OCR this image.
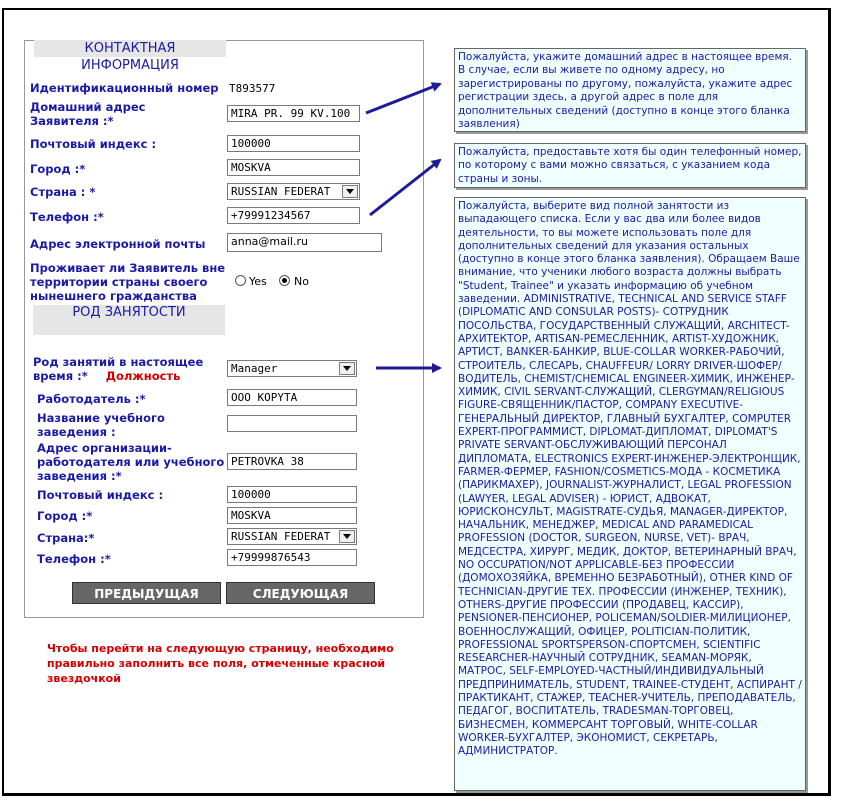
КОНТАКТНАЯ ИНФОРМАЦИЯ
Идентификационный номер T893577
Домашний адрес
Заявителя :*
MIRA PR. 99 KV.100
Почтовый индекс :	100000
Город :*	MOSKVA
Страна : *	RUSSIAN FEDERAT
Телефон :*	+79991234567
Адрес электронной почты	anna@mail.ru
Проживает ли Заявитель вне
территории страны своего
нынешнего гражданства
Yes No
РОД ЗАНЯТОСТИ
Род занятий в настоящее
время :* Должность
Manager
Работодатель :*	ООО KOPYTA
Название учебного
заведения :
Адрес организации-
работодателя или учебного
заведения :*
PETROVKA 38
Почтовый индекс :	100000
Город :*	MOSKVA
Страна:*	RUSSIAN FEDERAT
Телефон :*	+79999876543
ПРЕДЫДУЩАЯ	СЛЕДУЮЩАЯ
Чтобы перейти на следующую страницу, необходимо правильно заполнить все поля, отмеченные красной звездочкой
Пожалуйста, укажите домашний адрес в настоящее время. В случае, если вы живете по одному адресу, но зарегистрированы по другому, пожалуйста, укажите адрес регистрации здесь, а другой адрес в поле для дополнительных сведений (доступно в конце этого бланка заявления)
Пожалуйста, предоставьте хотя бы один телефонный номер, по которому с вами можно связаться, с указанием кода страны и зоны.
Пожалуйста, выберите вид полной занятости из выпадающего списка. Если у вас два или более видов деятельности, то вы можете использовать поле для дополнительных сведений для указания остальных (доступно в конце этого бланка заявления). Обращаем Ваше внимание, что ученики любого возраста должны выбрать "Student, Trainee" и указать информацию об учебном заведении. ADMINISTRATIVE, TECHNICAL AND SERVICE STAFF (DIPLOMATIC AND CONSULAR POSTS)- СОТРУДНИК ПОСОЛЬСТВА, ГОСУДАРСТВЕННЫЙ СЛУЖАЩИЙ, ARCHITECT-АРХИТЕКТОР, ARTISAN-РЕМЕСЛЕННИК, ARTIST-ХУДОЖНИК, АРТИСТ, BANKER-БАНКИР, BLUE-COLLAR WORKER-РАБОЧИЙ, СТРОИТЕЛЬ, СЛЕСАРЬ, CHAUFFEUR/ LORRY DRIVER-ШОФЕР/ ВОДИТЕЛЬ, CHEMIST/CHEMICAL ENGINEER-ХИМИК, ИНЖЕНЕР-ХИМИК, CIVIL SERVANT-СЛУЖАЩИЙ, CLERGYMAN/RELIGIOUS FIGURE-СВЯЩЕННИК/ПАСТОР, COMPANY EXECUTIVE-ГЕНЕРАЛЬНЫЙ ДИРЕКТОР, ГЛАВНЫЙ БУХГАЛТЕР, COMPUTER EXPERT-ПРОГРАММИСТ, DIPLOMAT-ДИПЛОМАТ, DIPLOMAT'S PRIVATE SERVANT-ОБСЛУЖИВАЮЩИЙ ПЕРСОНАЛ ДИПЛОМАТА, ELECTRONICS EXPERT-ИНЖЕНЕР-ЭЛЕКТРОНЩИК, FARMER-ФЕРМЕР, FASHION/COSMETICS-МОДА - КОСМЕТИКА (ПАРИКМАХЕР), JOURNALIST-ЖУРНАЛИСТ, LEGAL PROFESSION (LAWYER, LEGAL ADVISER) - ЮРИСТ, АДВОКАТ, ЮРИСКОНСУЛЬТ, MAGISTRATE-СУДЬЯ, MANAGER-ДИРЕКТОР, НАЧАЛЬНИК, МЕНЕДЖЕР, MEDICAL AND PARAMEDICAL PROFESSION (DOCTOR, SURGEON, NURSE, VET)- ВРАЧ, МЕДСЕСТРА, ХИРУРГ, МЕДИК, ДОКТОР, ВЕТЕРИНАРНЫЙ ВРАЧ, NO OCCUPATION/NOT APPLICABLE-БЕЗ ПРОФЕССИИ (ДОМОХОЗЯЙКА, ВРЕМЕННО БЕЗРАБОТНЫЙ), OTHER KIND OF TECHNICIAN-ДРУГИЕ ТЕХ. ПРОФЕССИИ (ИНЖЕНЕР, ТЕХНИК), OTHERS-ДРУГИЕ ПРОФЕССИИ (ПРОДАВЕЦ, КАССИР), PENSIONER-ПЕНСИОНЕР, POLICEMAN/SOLDIER-МИЛИЦИОНЕР, ВОЕННОСЛУЖАЩИЙ, ОФИЦЕР, POLITICIAN-ПОЛИТИК, PROFESSIONAL SPORTSPERSON-СПОРТСМЕН, SCIENTIFIC RESEARCHER-НАУЧНЫЙ СОТРУДНИК, SEAMAN-МОРЯК, МАТРОС, SELF-EMPLOYED-ЧАСТНЫЙ/ИНДИВИДУАЛЬНЫЙ ПРЕДПРИНИМАТЕЛЬ, STUDENT, TRAINEE-СТУДЕНТ, АСПИРАНТ / ПРАКТИКАНТ, СТАЖЕР, TEACHER-УЧИТЕЛЬ, ПРЕПОДАВАТЕЛЬ, ПЕДАГОГ, ВОСПИТАТЕЛЬ, TRADESMAN-ТОРГОВЕЦ, БИЗНЕСМЕН, КОММЕРСАНТ ТОРГОВЫЙ, WHITE-COLLAR WORKER-БУХГАЛТЕР, ЭКОНОМИСТ, СЕКРЕТАРЬ, АДМИНИСТРАТОР.
